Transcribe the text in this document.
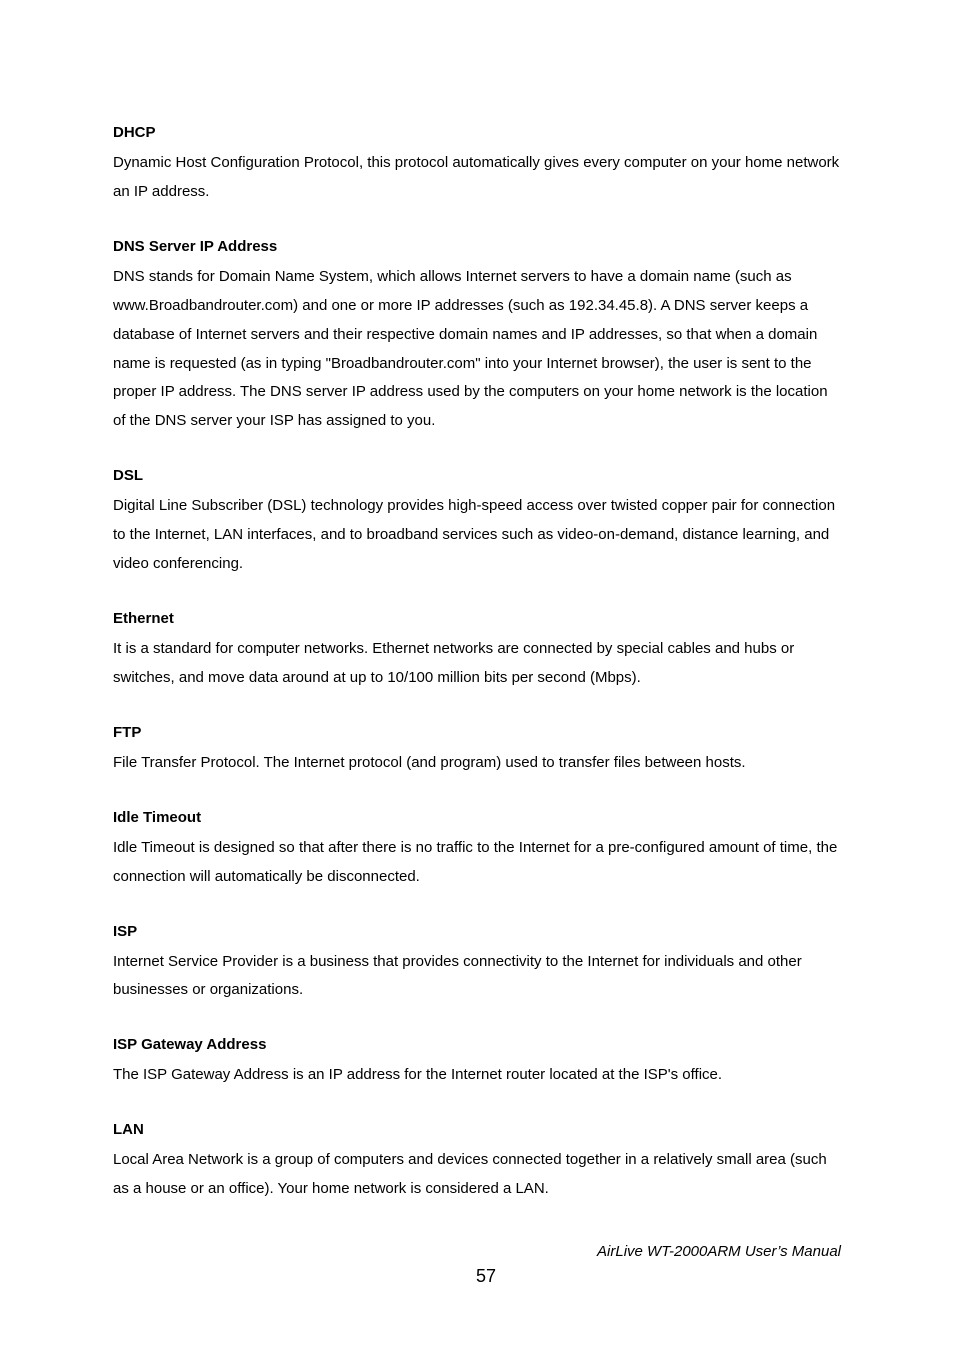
DHCP

Dynamic Host Configuration Protocol, this protocol automatically gives every computer on your home network an IP address.

DNS Server IP Address

DNS stands for Domain Name System, which allows Internet servers to have a domain name (such as www.Broadbandrouter.com) and one or more IP addresses (such as 192.34.45.8). A DNS server keeps a database of Internet servers and their respective domain names and IP addresses, so that when a domain name is requested (as in typing "Broadbandrouter.com" into your Internet browser), the user is sent to the proper IP address. The DNS server IP address used by the computers on your home network is the location of the DNS server your ISP has assigned to you.

DSL

Digital Line Subscriber (DSL) technology provides high-speed access over twisted copper pair for connection to the Internet, LAN interfaces, and to broadband services such as video-on-demand, distance learning, and video conferencing.

Ethernet

It is a standard for computer networks. Ethernet networks are connected by special cables and hubs or switches, and move data around at up to 10/100 million bits per second (Mbps).

FTP

File Transfer Protocol. The Internet protocol (and program) used to transfer files between hosts.

Idle Timeout

Idle Timeout is designed so that after there is no traffic to the Internet for a pre-configured amount of time, the connection will automatically be disconnected.

ISP

Internet Service Provider is a business that provides connectivity to the Internet for individuals and other businesses or organizations.

ISP Gateway Address

The ISP Gateway Address is an IP address for the Internet router located at the ISP's office.

LAN

Local Area Network is a group of computers and devices connected together in a relatively small area (such as a house or an office). Your home network is considered a LAN.

AirLive WT-2000ARM User’s Manual
57
